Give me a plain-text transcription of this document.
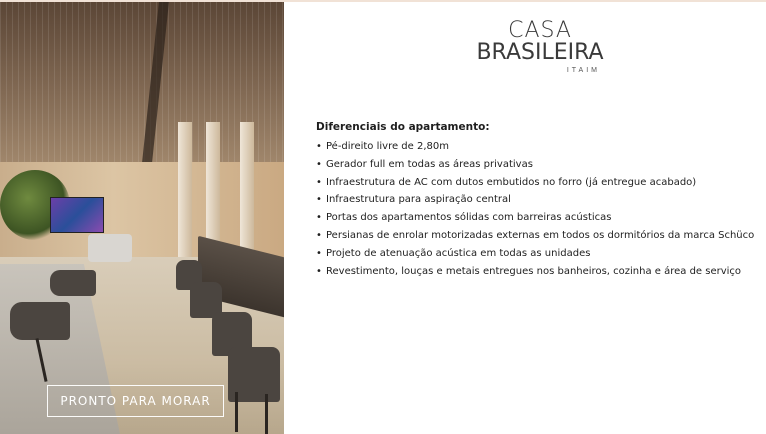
PRONTO PARA MORAR
CASA
BRASILEIRA
ITAIM
Diferenciais do apartamento:
• Pé-direito livre de 2,80m
• Gerador full em todas as áreas privativas
• Infraestrutura de AC com dutos embutidos no forro (já entregue acabado)
• Infraestrutura para aspiração central
• Portas dos apartamentos sólidas com barreiras acústicas
• Persianas de enrolar motorizadas externas em todos os dormitórios da marca Schüco
• Projeto de atenuação acústica em todas as unidades
• Revestimento, louças e metais entregues nos banheiros, cozinha e área de serviço
